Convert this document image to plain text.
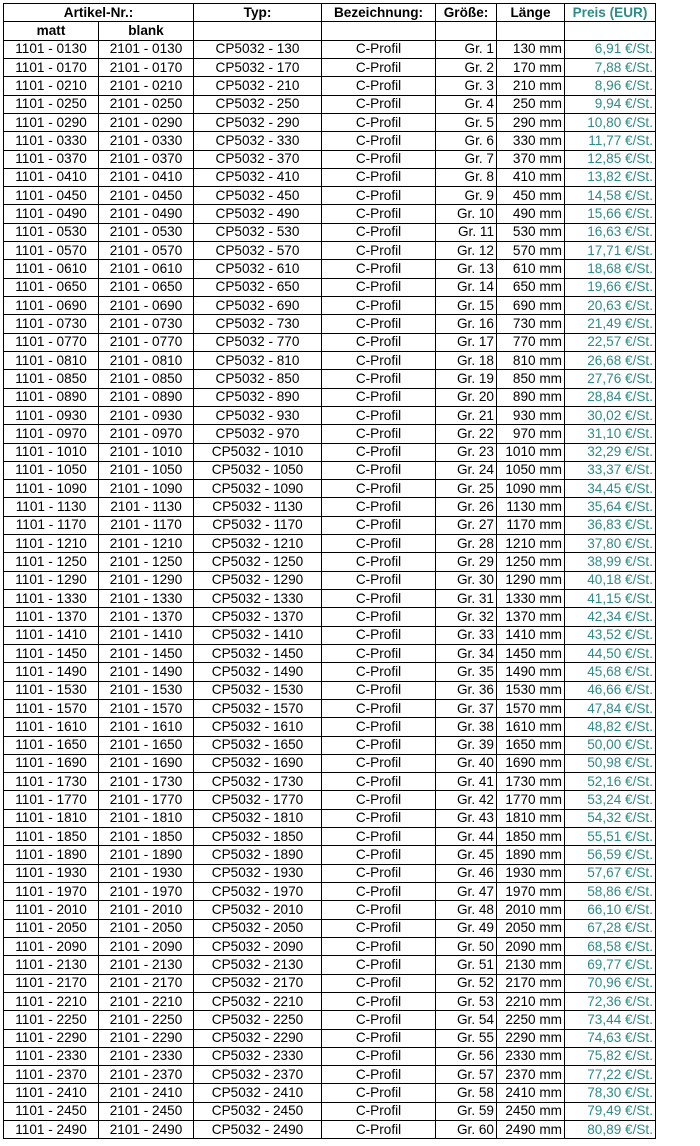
Artikel-Nr.:		Typ:	Bezeichnung:	Größe:	Länge	Preis (EUR)
matt	blank					
1101 - 0130	2101 - 0130	CP5032 - 130	C-Profil	Gr. 1	130 mm	6,91 €/St.
1101 - 0170	2101 - 0170	CP5032 - 170	C-Profil	Gr. 2	170 mm	7,88 €/St.
1101 - 0210	2101 - 0210	CP5032 - 210	C-Profil	Gr. 3	210 mm	8,96 €/St.
1101 - 0250	2101 - 0250	CP5032 - 250	C-Profil	Gr. 4	250 mm	9,94 €/St.
1101 - 0290	2101 - 0290	CP5032 - 290	C-Profil	Gr. 5	290 mm	10,80 €/St.
1101 - 0330	2101 - 0330	CP5032 - 330	C-Profil	Gr. 6	330 mm	11,77 €/St.
1101 - 0370	2101 - 0370	CP5032 - 370	C-Profil	Gr. 7	370 mm	12,85 €/St.
1101 - 0410	2101 - 0410	CP5032 - 410	C-Profil	Gr. 8	410 mm	13,82 €/St.
1101 - 0450	2101 - 0450	CP5032 - 450	C-Profil	Gr. 9	450 mm	14,58 €/St.
1101 - 0490	2101 - 0490	CP5032 - 490	C-Profil	Gr. 10	490 mm	15,66 €/St.
1101 - 0530	2101 - 0530	CP5032 - 530	C-Profil	Gr. 11	530 mm	16,63 €/St.
1101 - 0570	2101 - 0570	CP5032 - 570	C-Profil	Gr. 12	570 mm	17,71 €/St.
1101 - 0610	2101 - 0610	CP5032 - 610	C-Profil	Gr. 13	610 mm	18,68 €/St.
1101 - 0650	2101 - 0650	CP5032 - 650	C-Profil	Gr. 14	650 mm	19,66 €/St.
1101 - 0690	2101 - 0690	CP5032 - 690	C-Profil	Gr. 15	690 mm	20,63 €/St.
1101 - 0730	2101 - 0730	CP5032 - 730	C-Profil	Gr. 16	730 mm	21,49 €/St.
1101 - 0770	2101 - 0770	CP5032 - 770	C-Profil	Gr. 17	770 mm	22,57 €/St.
1101 - 0810	2101 - 0810	CP5032 - 810	C-Profil	Gr. 18	810 mm	26,68 €/St.
1101 - 0850	2101 - 0850	CP5032 - 850	C-Profil	Gr. 19	850 mm	27,76 €/St.
1101 - 0890	2101 - 0890	CP5032 - 890	C-Profil	Gr. 20	890 mm	28,84 €/St.
1101 - 0930	2101 - 0930	CP5032 - 930	C-Profil	Gr. 21	930 mm	30,02 €/St.
1101 - 0970	2101 - 0970	CP5032 - 970	C-Profil	Gr. 22	970 mm	31,10 €/St.
1101 - 1010	2101 - 1010	CP5032 - 1010	C-Profil	Gr. 23	1010 mm	32,29 €/St.
1101 - 1050	2101 - 1050	CP5032 - 1050	C-Profil	Gr. 24	1050 mm	33,37 €/St.
1101 - 1090	2101 - 1090	CP5032 - 1090	C-Profil	Gr. 25	1090 mm	34,45 €/St.
1101 - 1130	2101 - 1130	CP5032 - 1130	C-Profil	Gr. 26	1130 mm	35,64 €/St.
1101 - 1170	2101 - 1170	CP5032 - 1170	C-Profil	Gr. 27	1170 mm	36,83 €/St.
1101 - 1210	2101 - 1210	CP5032 - 1210	C-Profil	Gr. 28	1210 mm	37,80 €/St.
1101 - 1250	2101 - 1250	CP5032 - 1250	C-Profil	Gr. 29	1250 mm	38,99 €/St.
1101 - 1290	2101 - 1290	CP5032 - 1290	C-Profil	Gr. 30	1290 mm	40,18 €/St.
1101 - 1330	2101 - 1330	CP5032 - 1330	C-Profil	Gr. 31	1330 mm	41,15 €/St.
1101 - 1370	2101 - 1370	CP5032 - 1370	C-Profil	Gr. 32	1370 mm	42,34 €/St.
1101 - 1410	2101 - 1410	CP5032 - 1410	C-Profil	Gr. 33	1410 mm	43,52 €/St.
1101 - 1450	2101 - 1450	CP5032 - 1450	C-Profil	Gr. 34	1450 mm	44,50 €/St.
1101 - 1490	2101 - 1490	CP5032 - 1490	C-Profil	Gr. 35	1490 mm	45,68 €/St.
1101 - 1530	2101 - 1530	CP5032 - 1530	C-Profil	Gr. 36	1530 mm	46,66 €/St.
1101 - 1570	2101 - 1570	CP5032 - 1570	C-Profil	Gr. 37	1570 mm	47,84 €/St.
1101 - 1610	2101 - 1610	CP5032 - 1610	C-Profil	Gr. 38	1610 mm	48,82 €/St.
1101 - 1650	2101 - 1650	CP5032 - 1650	C-Profil	Gr. 39	1650 mm	50,00 €/St.
1101 - 1690	2101 - 1690	CP5032 - 1690	C-Profil	Gr. 40	1690 mm	50,98 €/St.
1101 - 1730	2101 - 1730	CP5032 - 1730	C-Profil	Gr. 41	1730 mm	52,16 €/St.
1101 - 1770	2101 - 1770	CP5032 - 1770	C-Profil	Gr. 42	1770 mm	53,24 €/St.
1101 - 1810	2101 - 1810	CP5032 - 1810	C-Profil	Gr. 43	1810 mm	54,32 €/St.
1101 - 1850	2101 - 1850	CP5032 - 1850	C-Profil	Gr. 44	1850 mm	55,51 €/St.
1101 - 1890	2101 - 1890	CP5032 - 1890	C-Profil	Gr. 45	1890 mm	56,59 €/St.
1101 - 1930	2101 - 1930	CP5032 - 1930	C-Profil	Gr. 46	1930 mm	57,67 €/St.
1101 - 1970	2101 - 1970	CP5032 - 1970	C-Profil	Gr. 47	1970 mm	58,86 €/St.
1101 - 2010	2101 - 2010	CP5032 - 2010	C-Profil	Gr. 48	2010 mm	66,10 €/St.
1101 - 2050	2101 - 2050	CP5032 - 2050	C-Profil	Gr. 49	2050 mm	67,28 €/St.
1101 - 2090	2101 - 2090	CP5032 - 2090	C-Profil	Gr. 50	2090 mm	68,58 €/St.
1101 - 2130	2101 - 2130	CP5032 - 2130	C-Profil	Gr. 51	2130 mm	69,77 €/St.
1101 - 2170	2101 - 2170	CP5032 - 2170	C-Profil	Gr. 52	2170 mm	70,96 €/St.
1101 - 2210	2101 - 2210	CP5032 - 2210	C-Profil	Gr. 53	2210 mm	72,36 €/St.
1101 - 2250	2101 - 2250	CP5032 - 2250	C-Profil	Gr. 54	2250 mm	73,44 €/St.
1101 - 2290	2101 - 2290	CP5032 - 2290	C-Profil	Gr. 55	2290 mm	74,63 €/St.
1101 - 2330	2101 - 2330	CP5032 - 2330	C-Profil	Gr. 56	2330 mm	75,82 €/St.
1101 - 2370	2101 - 2370	CP5032 - 2370	C-Profil	Gr. 57	2370 mm	77,22 €/St.
1101 - 2410	2101 - 2410	CP5032 - 2410	C-Profil	Gr. 58	2410 mm	78,30 €/St.
1101 - 2450	2101 - 2450	CP5032 - 2450	C-Profil	Gr. 59	2450 mm	79,49 €/St.
1101 - 2490	2101 - 2490	CP5032 - 2490	C-Profil	Gr. 60	2490 mm	80,89 €/St.
